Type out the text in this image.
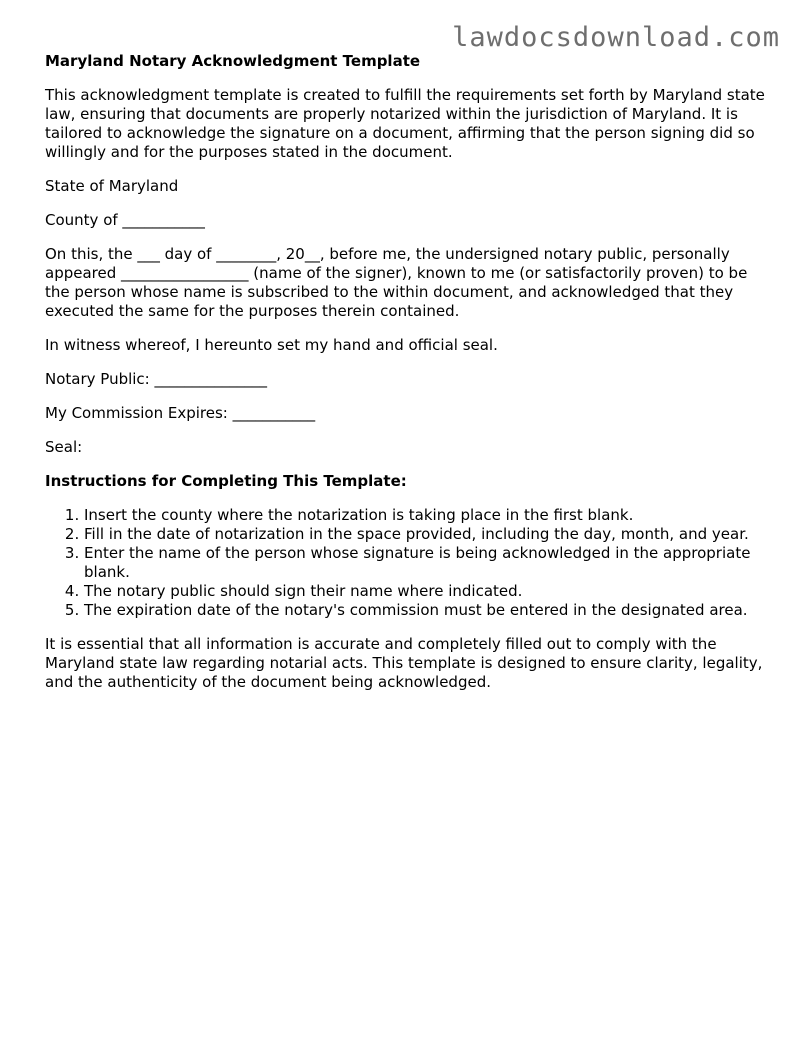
lawdocsdownload.com
Maryland Notary Acknowledgment Template

This acknowledgment template is created to fulfill the requirements set forth by Maryland state law, ensuring that documents are properly notarized within the jurisdiction of Maryland. It is tailored to acknowledge the signature on a document, affirming that the person signing did so willingly and for the purposes stated in the document.

State of Maryland

County of ___________

On this, the ___ day of ________, 20__, before me, the undersigned notary public, personally appeared _________________ (name of the signer), known to me (or satisfactorily proven) to be the person whose name is subscribed to the within document, and acknowledged that they executed the same for the purposes therein contained.

In witness whereof, I hereunto set my hand and official seal.

Notary Public: _______________

My Commission Expires: ___________

Seal:

Instructions for Completing This Template:
1. Insert the county where the notarization is taking place in the first blank.
2. Fill in the date of notarization in the space provided, including the day, month, and year.
3. Enter the name of the person whose signature is being acknowledged in the appropriate blank.
4. The notary public should sign their name where indicated.
5. The expiration date of the notary's commission must be entered in the designated area.

It is essential that all information is accurate and completely filled out to comply with the Maryland state law regarding notarial acts. This template is designed to ensure clarity, legality, and the authenticity of the document being acknowledged.
